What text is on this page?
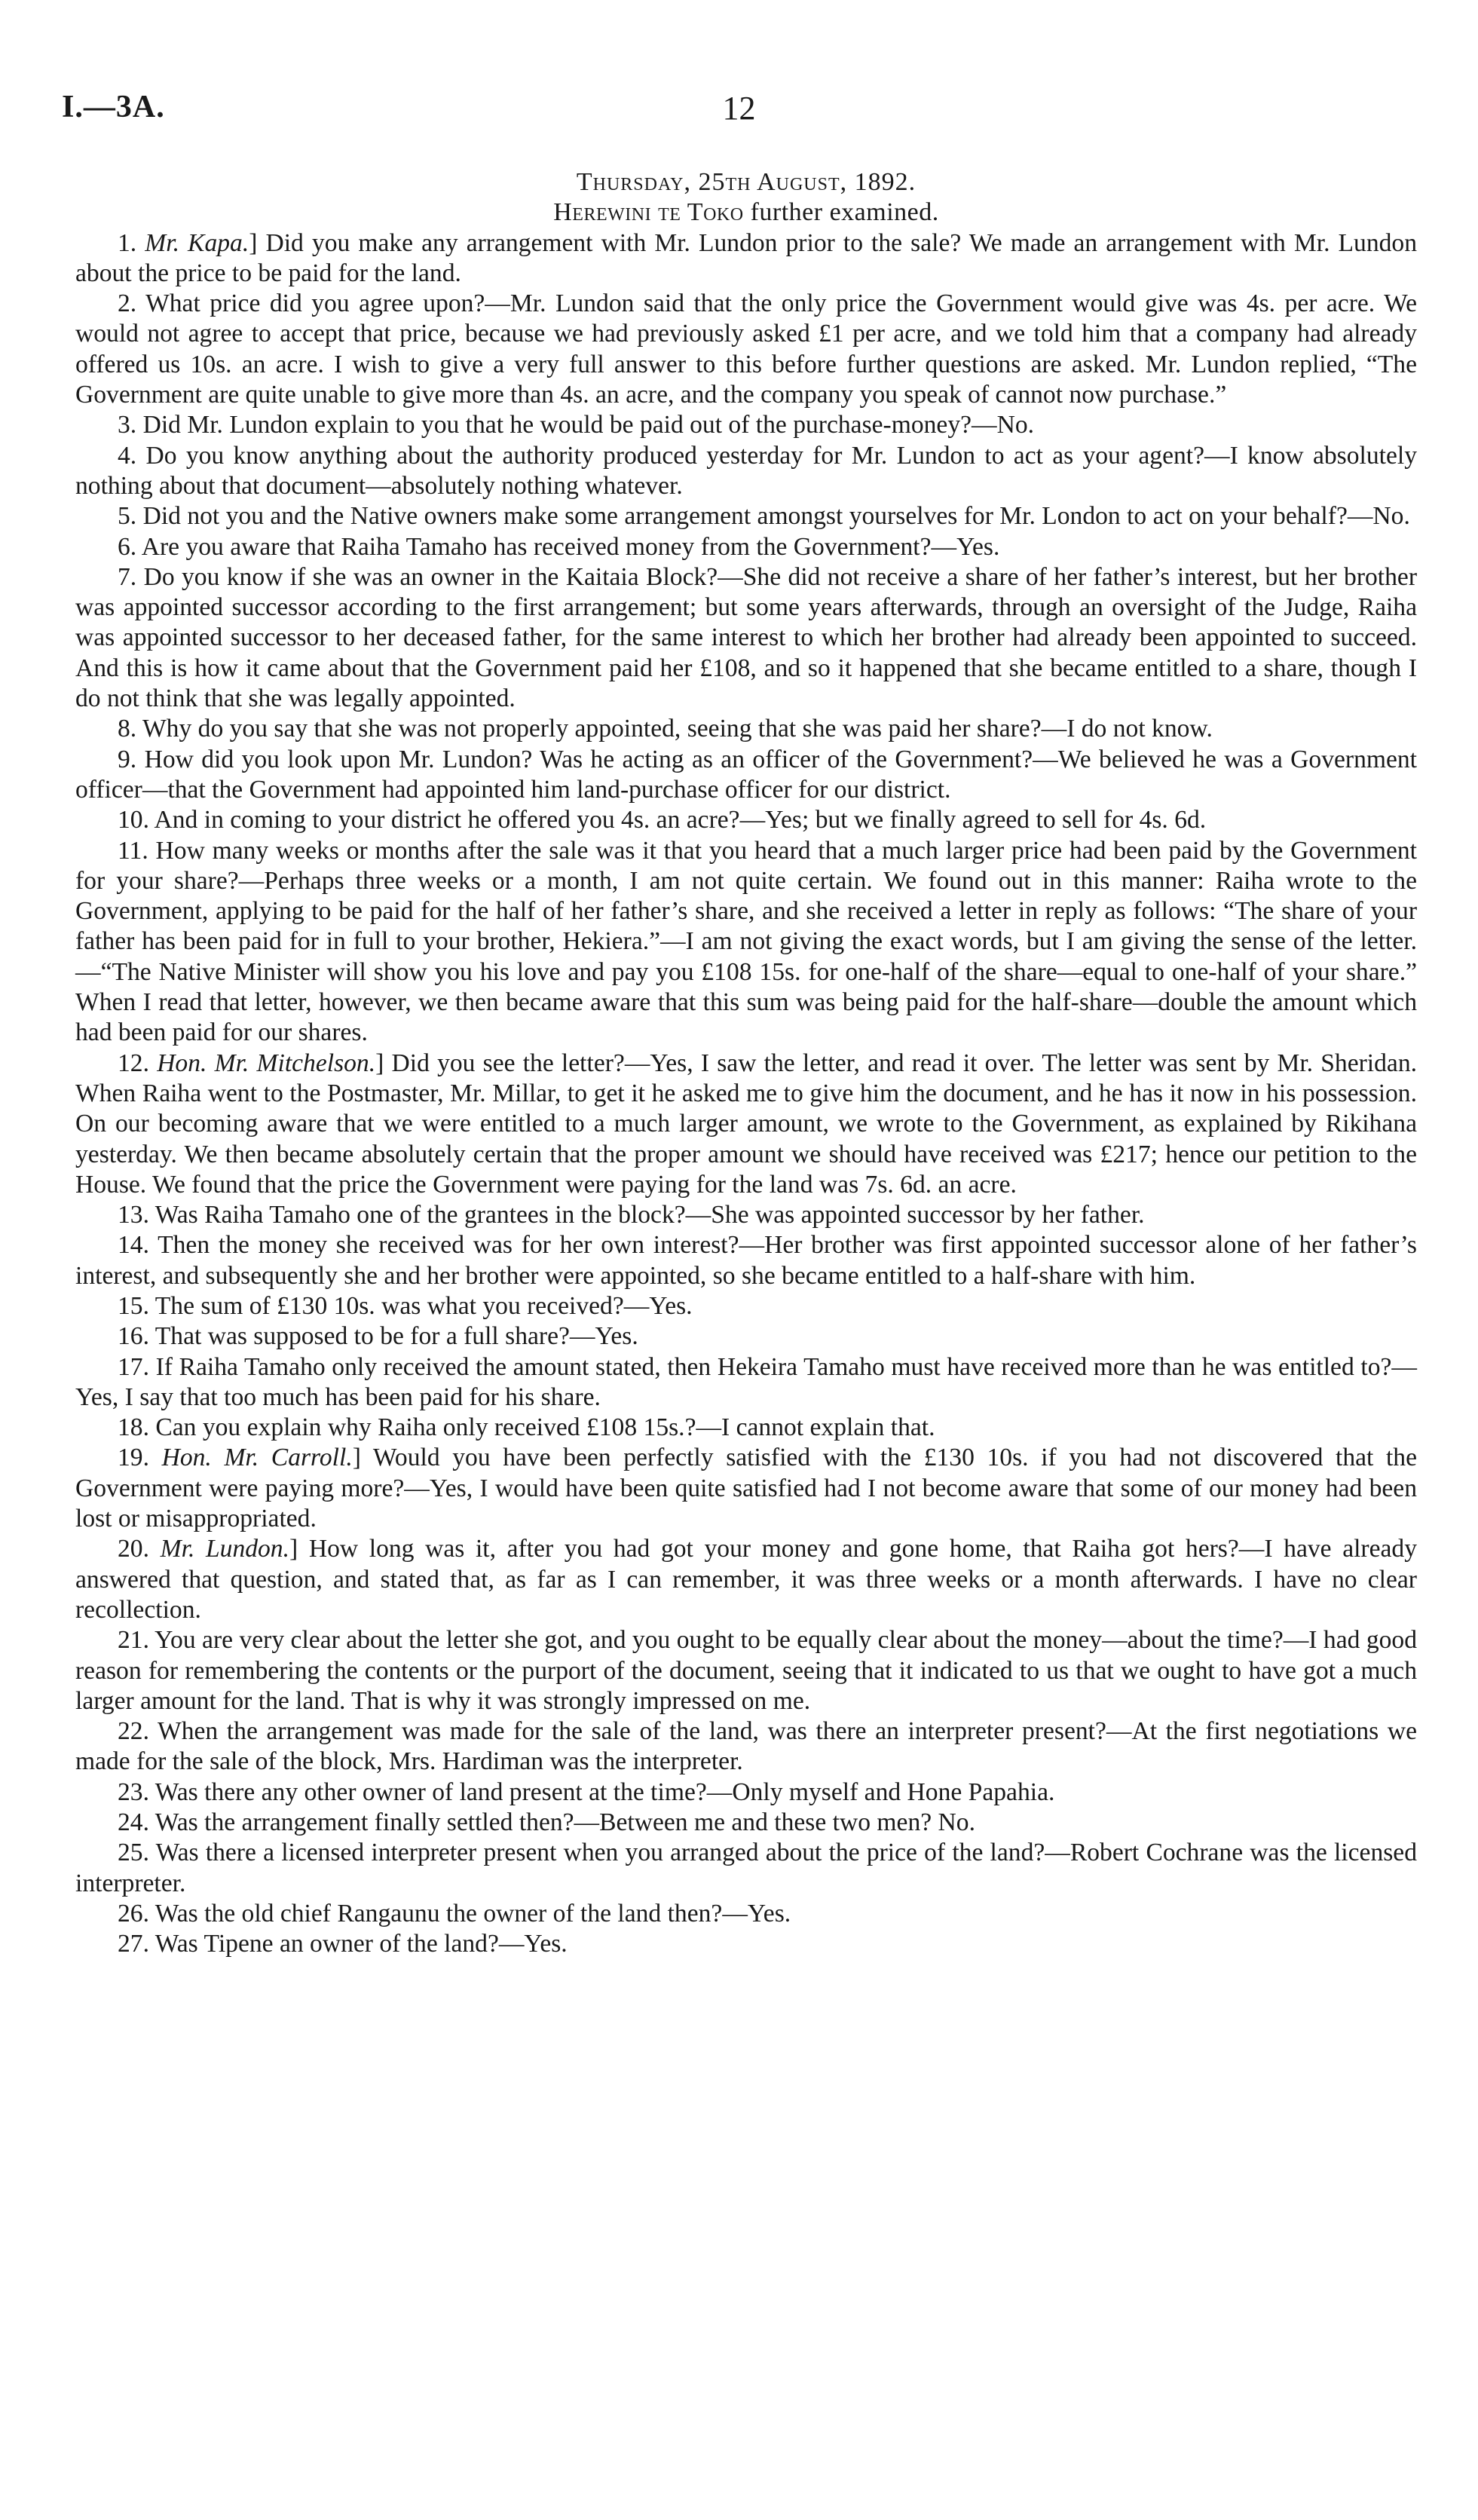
I.—3A.	12
Thursday, 25th August, 1892.
Herewini te Toko further examined.

1. Mr. Kapa.] Did you make any arrangement with Mr. Lundon prior to the sale? We made an arrangement with Mr. Lundon about the price to be paid for the land.

2. What price did you agree upon?—Mr. Lundon said that the only price the Government would give was 4s. per acre. We would not agree to accept that price, because we had previously asked £1 per acre, and we told him that a company had already offered us 10s. an acre. I wish to give a very full answer to this before further questions are asked. Mr. Lundon replied, “The Government are quite unable to give more than 4s. an acre, and the company you speak of cannot now purchase.”

3. Did Mr. Lundon explain to you that he would be paid out of the purchase-money?—No.

4. Do you know anything about the authority produced yesterday for Mr. Lundon to act as your agent?—I know absolutely nothing about that document—absolutely nothing whatever.

5. Did not you and the Native owners make some arrangement amongst yourselves for Mr. London to act on your behalf?—No.

6. Are you aware that Raiha Tamaho has received money from the Government?—Yes.

7. Do you know if she was an owner in the Kaitaia Block?—She did not receive a share of her father’s interest, but her brother was appointed successor according to the first arrangement; but some years afterwards, through an oversight of the Judge, Raiha was appointed successor to her deceased father, for the same interest to which her brother had already been appointed to succeed. And this is how it came about that the Government paid her £108, and so it happened that she became entitled to a share, though I do not think that she was legally appointed.

8. Why do you say that she was not properly appointed, seeing that she was paid her share?—I do not know.

9. How did you look upon Mr. Lundon? Was he acting as an officer of the Government?—We believed he was a Government officer—that the Government had appointed him land-purchase officer for our district.

10. And in coming to your district he offered you 4s. an acre?—Yes; but we finally agreed to sell for 4s. 6d.

11. How many weeks or months after the sale was it that you heard that a much larger price had been paid by the Government for your share?—Perhaps three weeks or a month, I am not quite certain. We found out in this manner: Raiha wrote to the Government, applying to be paid for the half of her father’s share, and she received a letter in reply as follows: “The share of your father has been paid for in full to your brother, Hekiera.”—I am not giving the exact words, but I am giving the sense of the letter.—“The Native Minister will show you his love and pay you £108 15s. for one-half of the share—equal to one-half of your share.” When I read that letter, however, we then became aware that this sum was being paid for the half-share—double the amount which had been paid for our shares.

12. Hon. Mr. Mitchelson.] Did you see the letter?—Yes, I saw the letter, and read it over. The letter was sent by Mr. Sheridan. When Raiha went to the Postmaster, Mr. Millar, to get it he asked me to give him the document, and he has it now in his possession. On our becoming aware that we were entitled to a much larger amount, we wrote to the Government, as explained by Rikihana yesterday. We then became absolutely certain that the proper amount we should have received was £217; hence our petition to the House. We found that the price the Government were paying for the land was 7s. 6d. an acre.

13. Was Raiha Tamaho one of the grantees in the block?—She was appointed successor by her father.

14. Then the money she received was for her own interest?—Her brother was first appointed successor alone of her father’s interest, and subsequently she and her brother were appointed, so she became entitled to a half-share with him.

15. The sum of £130 10s. was what you received?—Yes.

16. That was supposed to be for a full share?—Yes.

17. If Raiha Tamaho only received the amount stated, then Hekeira Tamaho must have received more than he was entitled to?—Yes, I say that too much has been paid for his share.

18. Can you explain why Raiha only received £108 15s.?—I cannot explain that.

19. Hon. Mr. Carroll.] Would you have been perfectly satisfied with the £130 10s. if you had not discovered that the Government were paying more?—Yes, I would have been quite satisfied had I not become aware that some of our money had been lost or misappropriated.

20. Mr. Lundon.] How long was it, after you had got your money and gone home, that Raiha got hers?—I have already answered that question, and stated that, as far as I can remember, it was three weeks or a month afterwards. I have no clear recollection.

21. You are very clear about the letter she got, and you ought to be equally clear about the money—about the time?—I had good reason for remembering the contents or the purport of the document, seeing that it indicated to us that we ought to have got a much larger amount for the land. That is why it was strongly impressed on me.

22. When the arrangement was made for the sale of the land, was there an interpreter present?—At the first negotiations we made for the sale of the block, Mrs. Hardiman was the interpreter.

23. Was there any other owner of land present at the time?—Only myself and Hone Papahia.

24. Was the arrangement finally settled then?—Between me and these two men? No.

25. Was there a licensed interpreter present when you arranged about the price of the land?—Robert Cochrane was the licensed interpreter.

26. Was the old chief Rangaunu the owner of the land then?—Yes.

27. Was Tipene an owner of the land?—Yes.
